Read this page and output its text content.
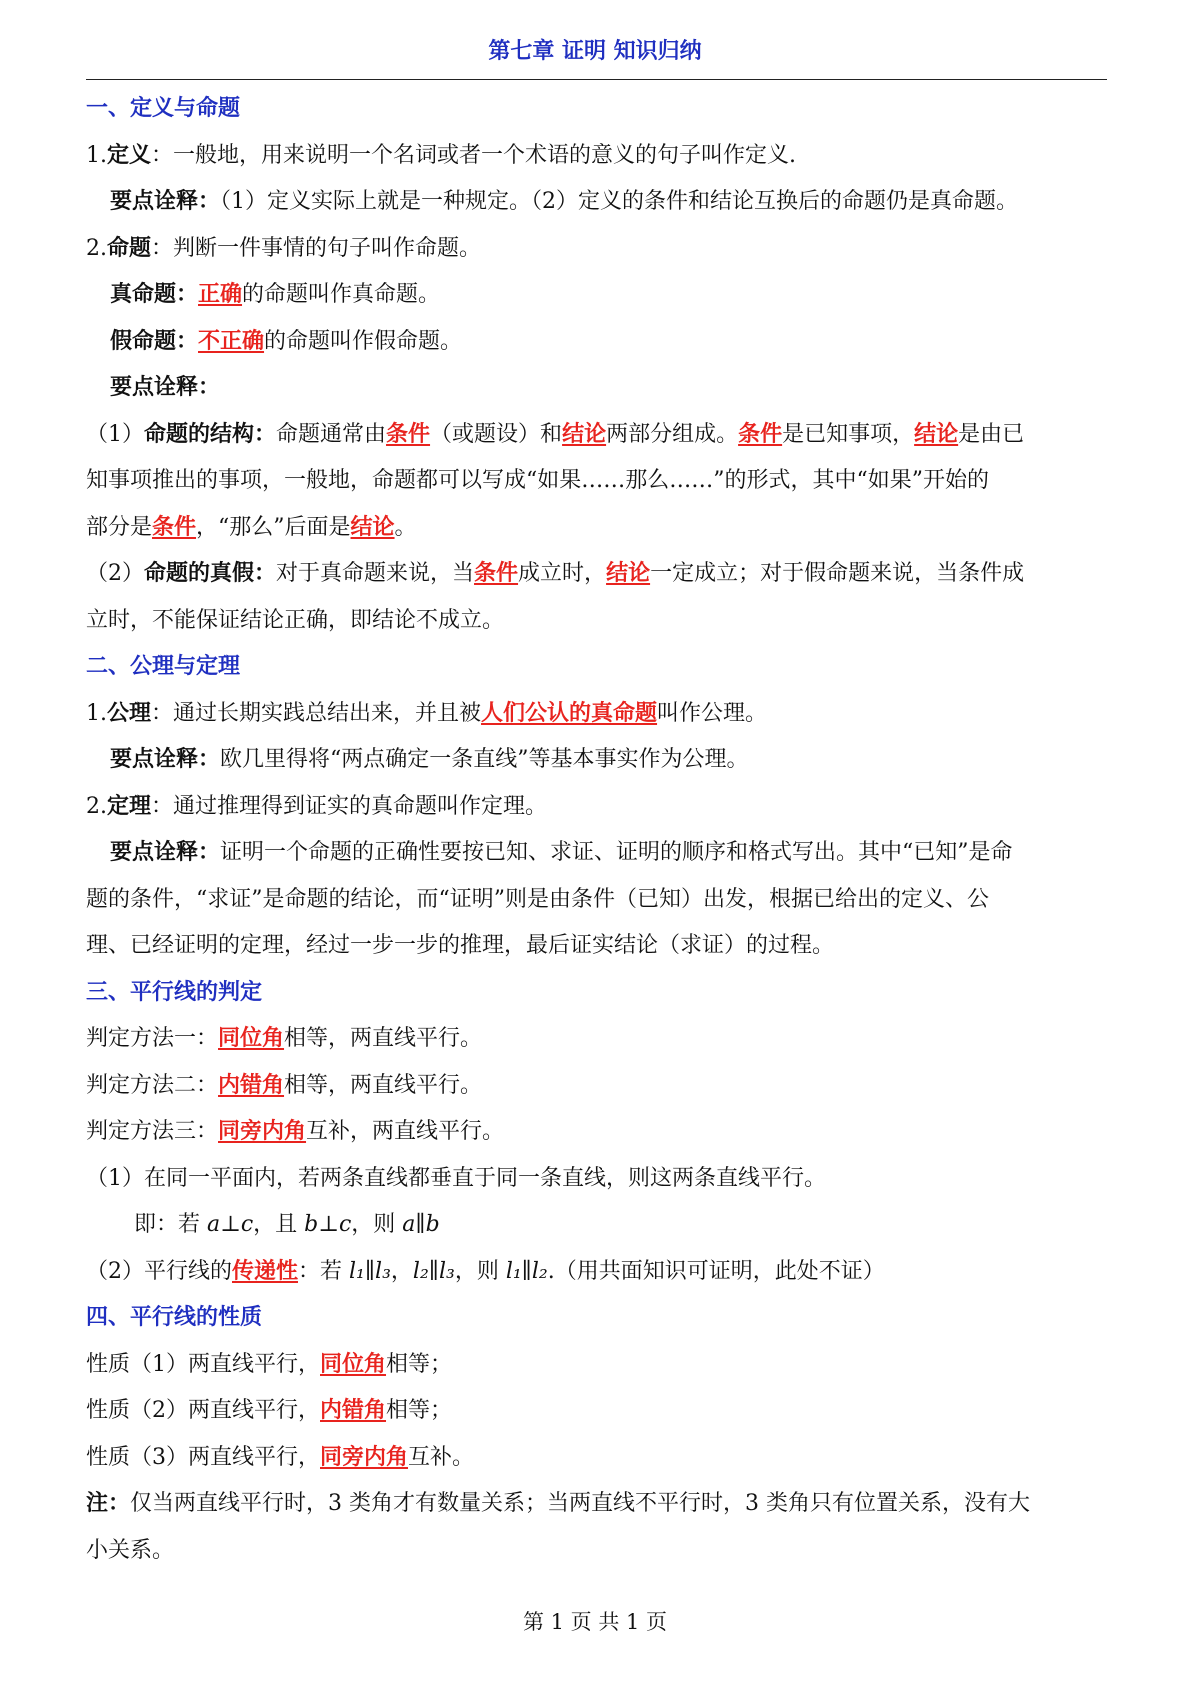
第七章 证明 知识归纳
一、定义与命题
1.定义：一般地，用来说明一个名词或者一个术语的意义的句子叫作定义.
要点诠释：（1）定义实际上就是一种规定。（2）定义的条件和结论互换后的命题仍是真命题。
2.命题：判断一件事情的句子叫作命题。
真命题：正确的命题叫作真命题。
假命题：不正确的命题叫作假命题。
要点诠释：
（1）命题的结构：命题通常由条件（或题设）和结论两部分组成。条件是已知事项，结论是由已
知事项推出的事项，一般地，命题都可以写成“如果……那么……”的形式，其中“如果”开始的
部分是条件，“那么”后面是结论。
（2）命题的真假：对于真命题来说，当条件成立时，结论一定成立；对于假命题来说，当条件成
立时，不能保证结论正确，即结论不成立。
二、公理与定理
1.公理：通过长期实践总结出来，并且被人们公认的真命题叫作公理。
要点诠释：欧几里得将“两点确定一条直线”等基本事实作为公理。
2.定理：通过推理得到证实的真命题叫作定理。
要点诠释：证明一个命题的正确性要按已知、求证、证明的顺序和格式写出。其中“已知”是命
题的条件，“求证”是命题的结论，而“证明”则是由条件（已知）出发，根据已给出的定义、公
理、已经证明的定理，经过一步一步的推理，最后证实结论（求证）的过程。
三、平行线的判定
判定方法一：同位角相等，两直线平行。
判定方法二：内错角相等，两直线平行。
判定方法三：同旁内角互补，两直线平行。
（1）在同一平面内，若两条直线都垂直于同一条直线，则这两条直线平行。
即：若 a⊥c，且 b⊥c，则 a∥b
（2）平行线的传递性：若 l₁∥l₃，l₂∥l₃，则 l₁∥l₂.（用共面知识可证明，此处不证）
四、平行线的性质
性质（1）两直线平行，同位角相等；
性质（2）两直线平行，内错角相等；
性质（3）两直线平行，同旁内角互补。
注：仅当两直线平行时，3 类角才有数量关系；当两直线不平行时，3 类角只有位置关系，没有大
小关系。
第 1 页 共 1 页
